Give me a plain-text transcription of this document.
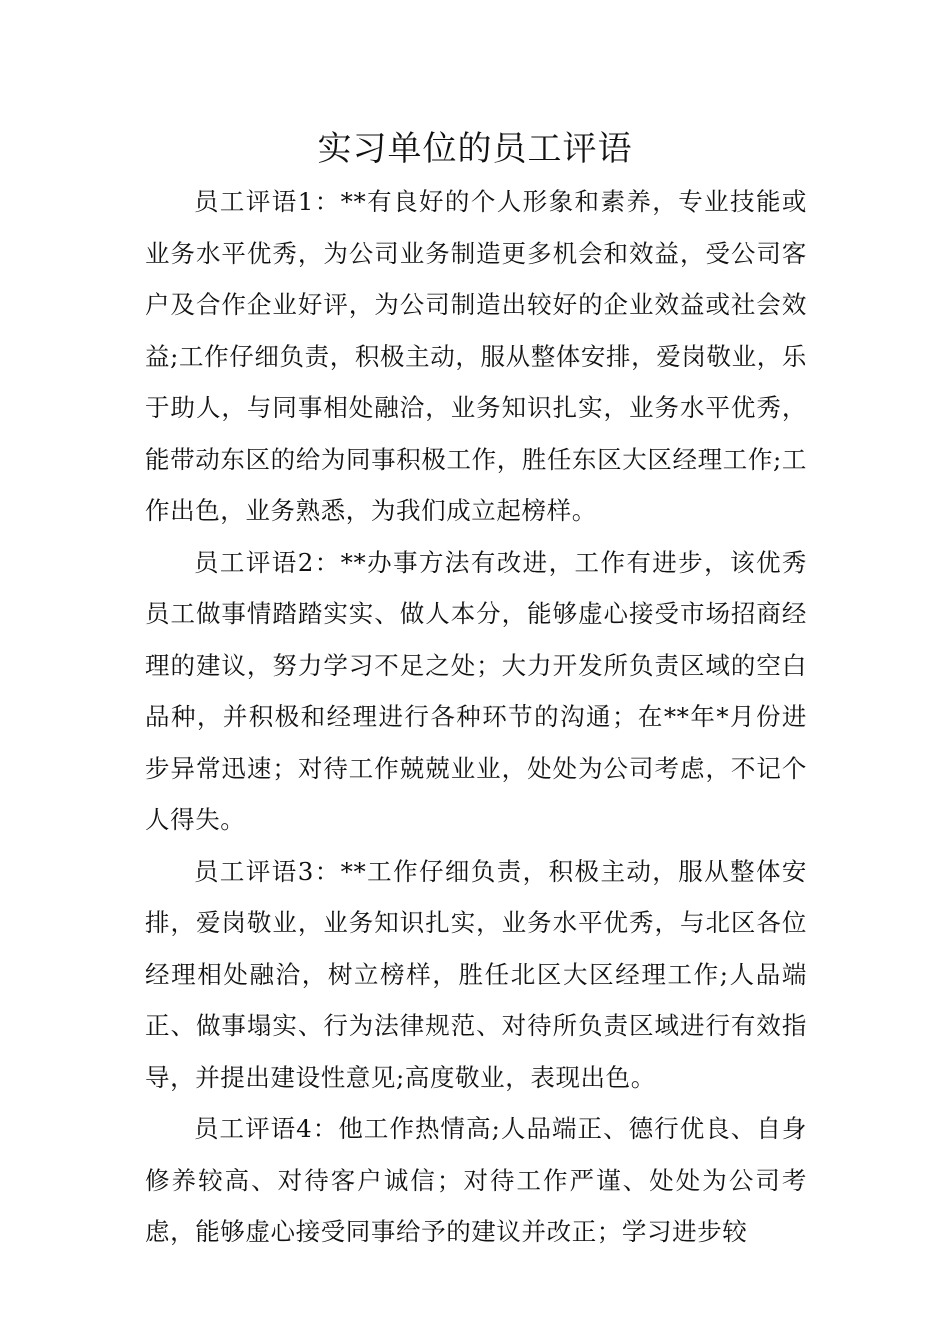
实习单位的员工评语

员工评语1：**有良好的个人形象和素养，专业技能或业务水平优秀，为公司业务制造更多机会和效益，受公司客户及合作企业好评，为公司制造出较好的企业效益或社会效益;工作仔细负责，积极主动，服从整体安排，爱岗敬业，乐于助人，与同事相处融洽，业务知识扎实，业务水平优秀，能带动东区的给为同事积极工作，胜任东区大区经理工作;工作出色，业务熟悉，为我们成立起榜样。

员工评语2：**办事方法有改进，工作有进步，该优秀员工做事情踏踏实实、做人本分，能够虚心接受市场招商经理的建议，努力学习不足之处；大力开发所负责区域的空白品种，并积极和经理进行各种环节的沟通；在**年*月份进步异常迅速；对待工作兢兢业业，处处为公司考虑，不记个人得失。

员工评语3：**工作仔细负责，积极主动，服从整体安排，爱岗敬业，业务知识扎实，业务水平优秀，与北区各位经理相处融洽，树立榜样，胜任北区大区经理工作;人品端正、做事塌实、行为法律规范、对待所负责区域进行有效指导，并提出建设性意见;高度敬业，表现出色。

员工评语4：他工作热情高;人品端正、德行优良、自身修养较高、对待客户诚信；对待工作严谨、处处为公司考虑，能够虚心接受同事给予的建议并改正；学习进步较
